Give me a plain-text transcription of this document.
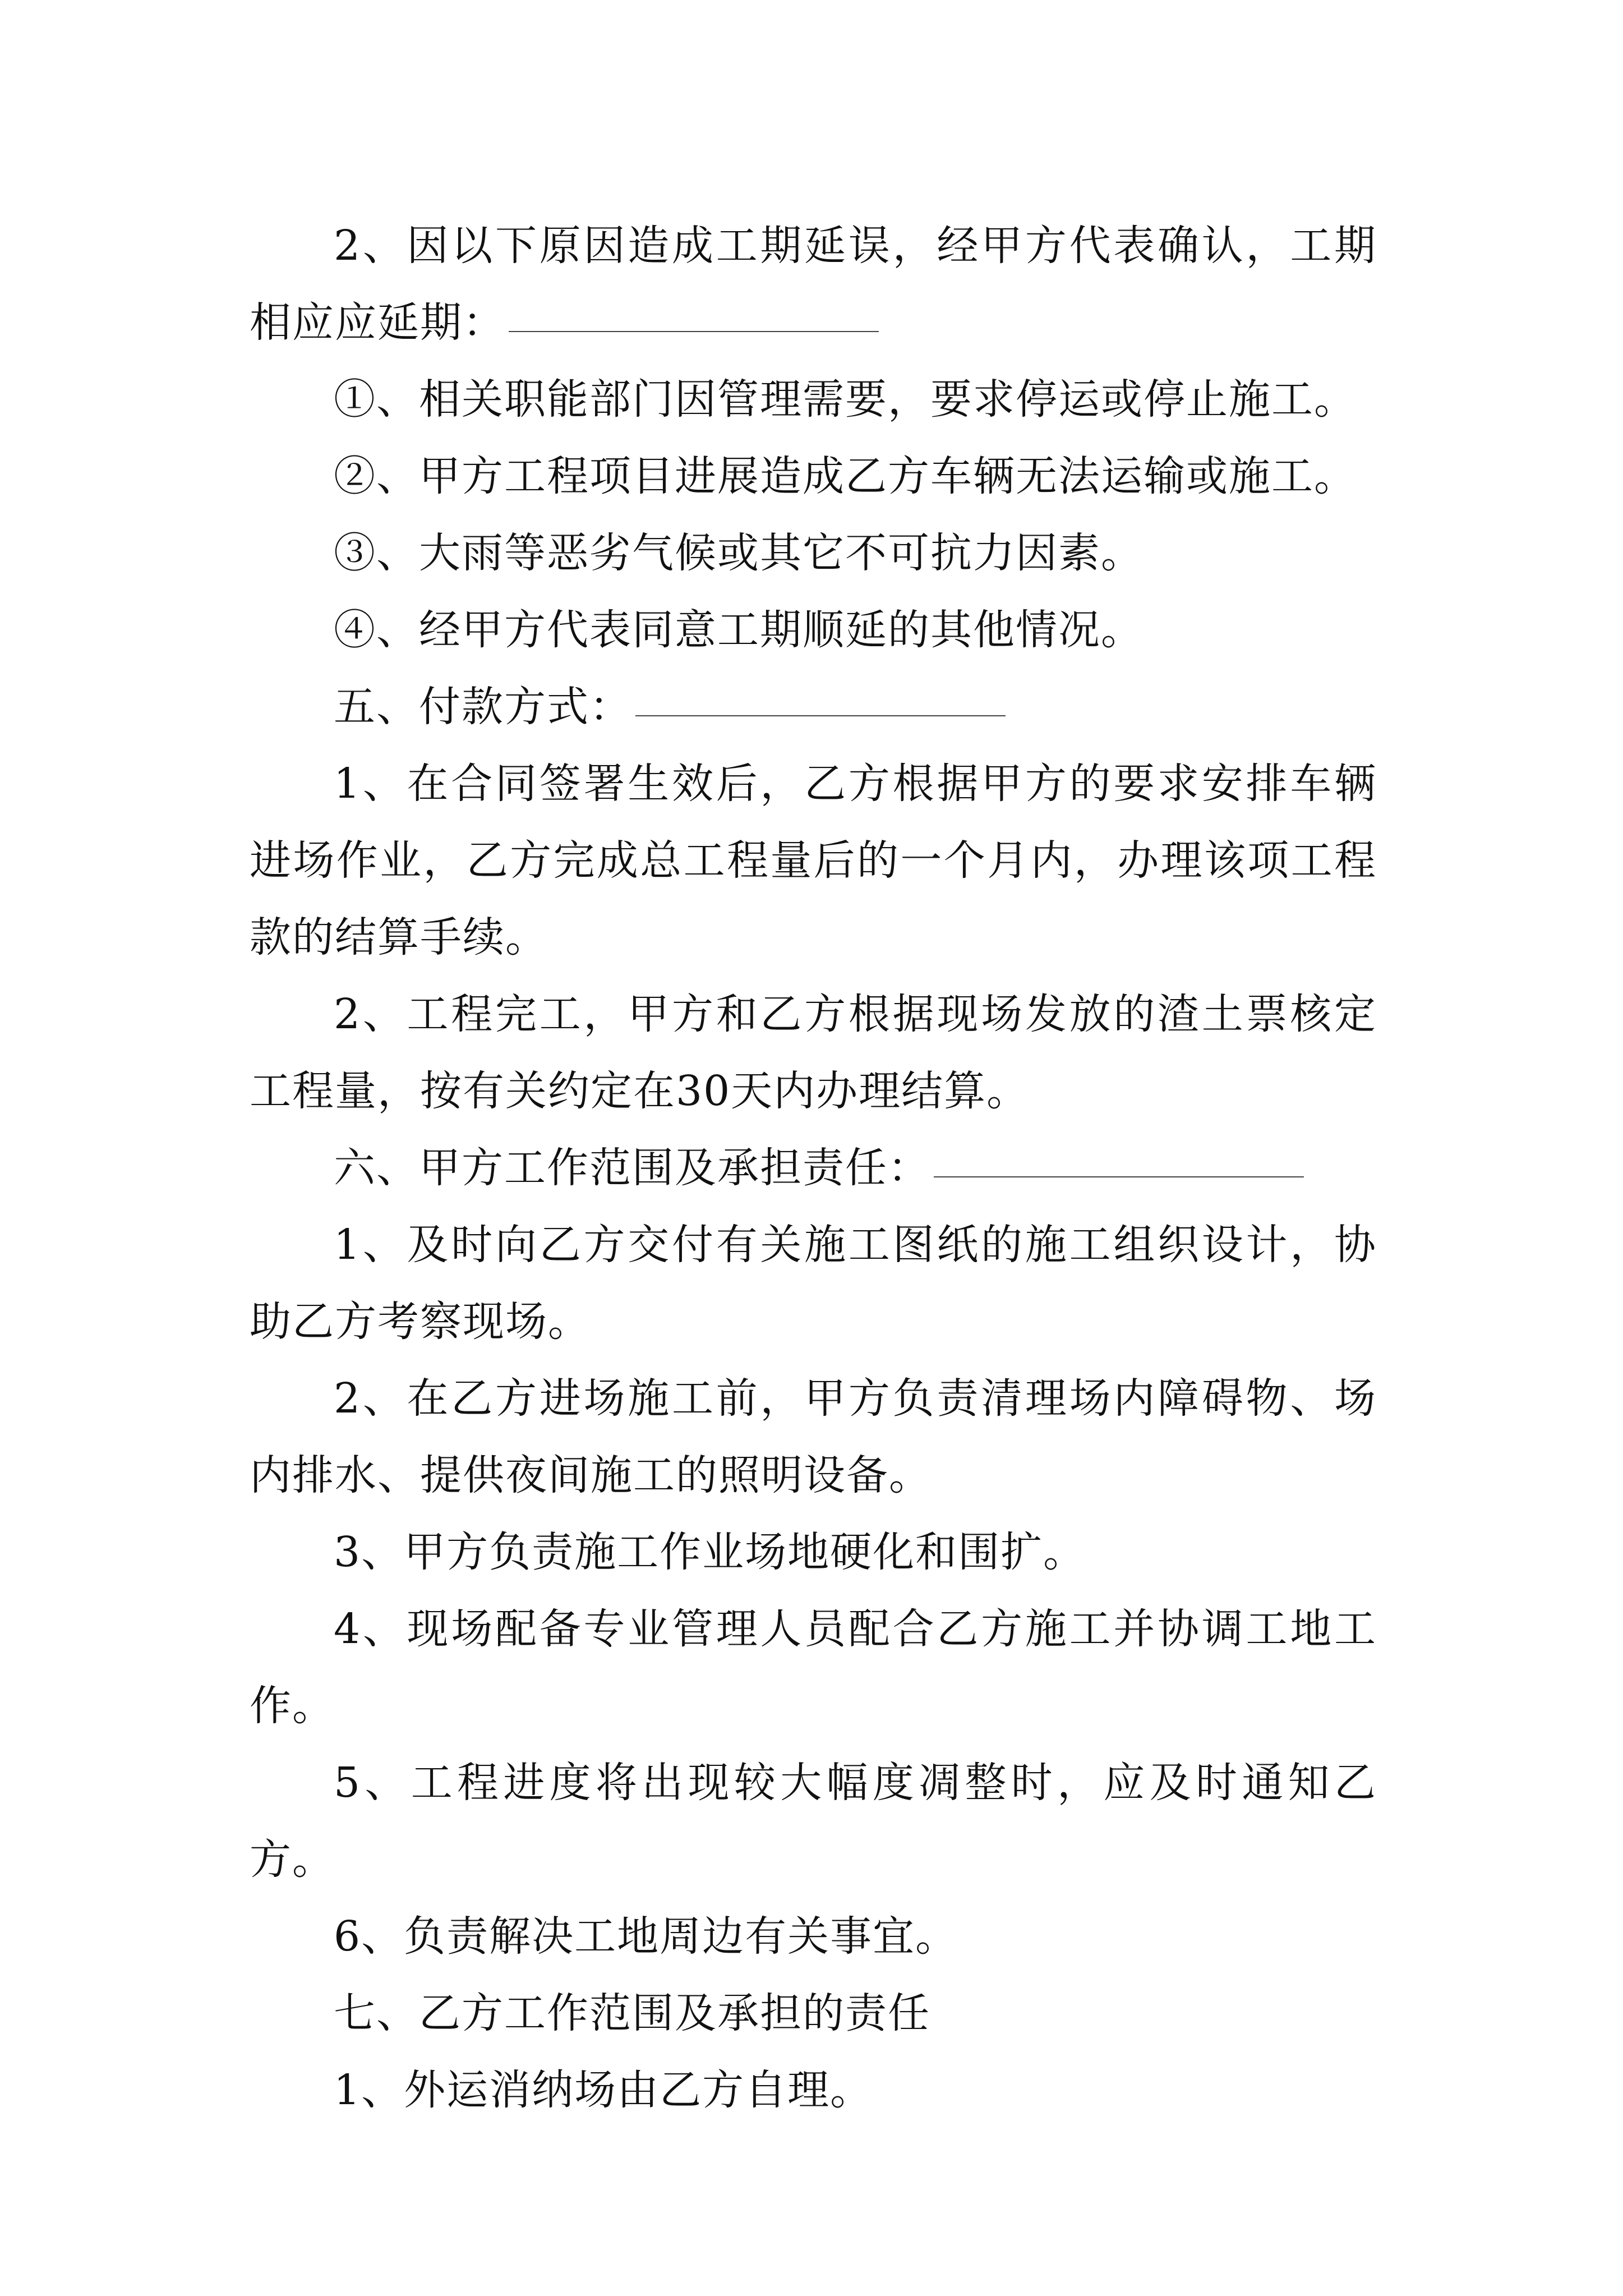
2、因以下原因造成工期延误，经甲方代表确认，工期相应应延期：

①、相关职能部门因管理需要，要求停运或停止施工。

②、甲方工程项目进展造成乙方车辆无法运输或施工。

③、大雨等恶劣气候或其它不可抗力因素。

④、经甲方代表同意工期顺延的其他情况。

五、付款方式：

1、在合同签署生效后，乙方根据甲方的要求安排车辆进场作业，乙方完成总工程量后的一个月内，办理该项工程款的结算手续。

2、工程完工，甲方和乙方根据现场发放的渣土票核定工程量，按有关约定在30天内办理结算。

六、甲方工作范围及承担责任：

1、及时向乙方交付有关施工图纸的施工组织设计，协助乙方考察现场。

2、在乙方进场施工前，甲方负责清理场内障碍物、场内排水、提供夜间施工的照明设备。

3、甲方负责施工作业场地硬化和围扩。

4、现场配备专业管理人员配合乙方施工并协调工地工作。

5、工程进度将出现较大幅度凋整时，应及时通知乙方。

6、负责解决工地周边有关事宜。

七、乙方工作范围及承担的责任

1、外运消纳场由乙方自理。
